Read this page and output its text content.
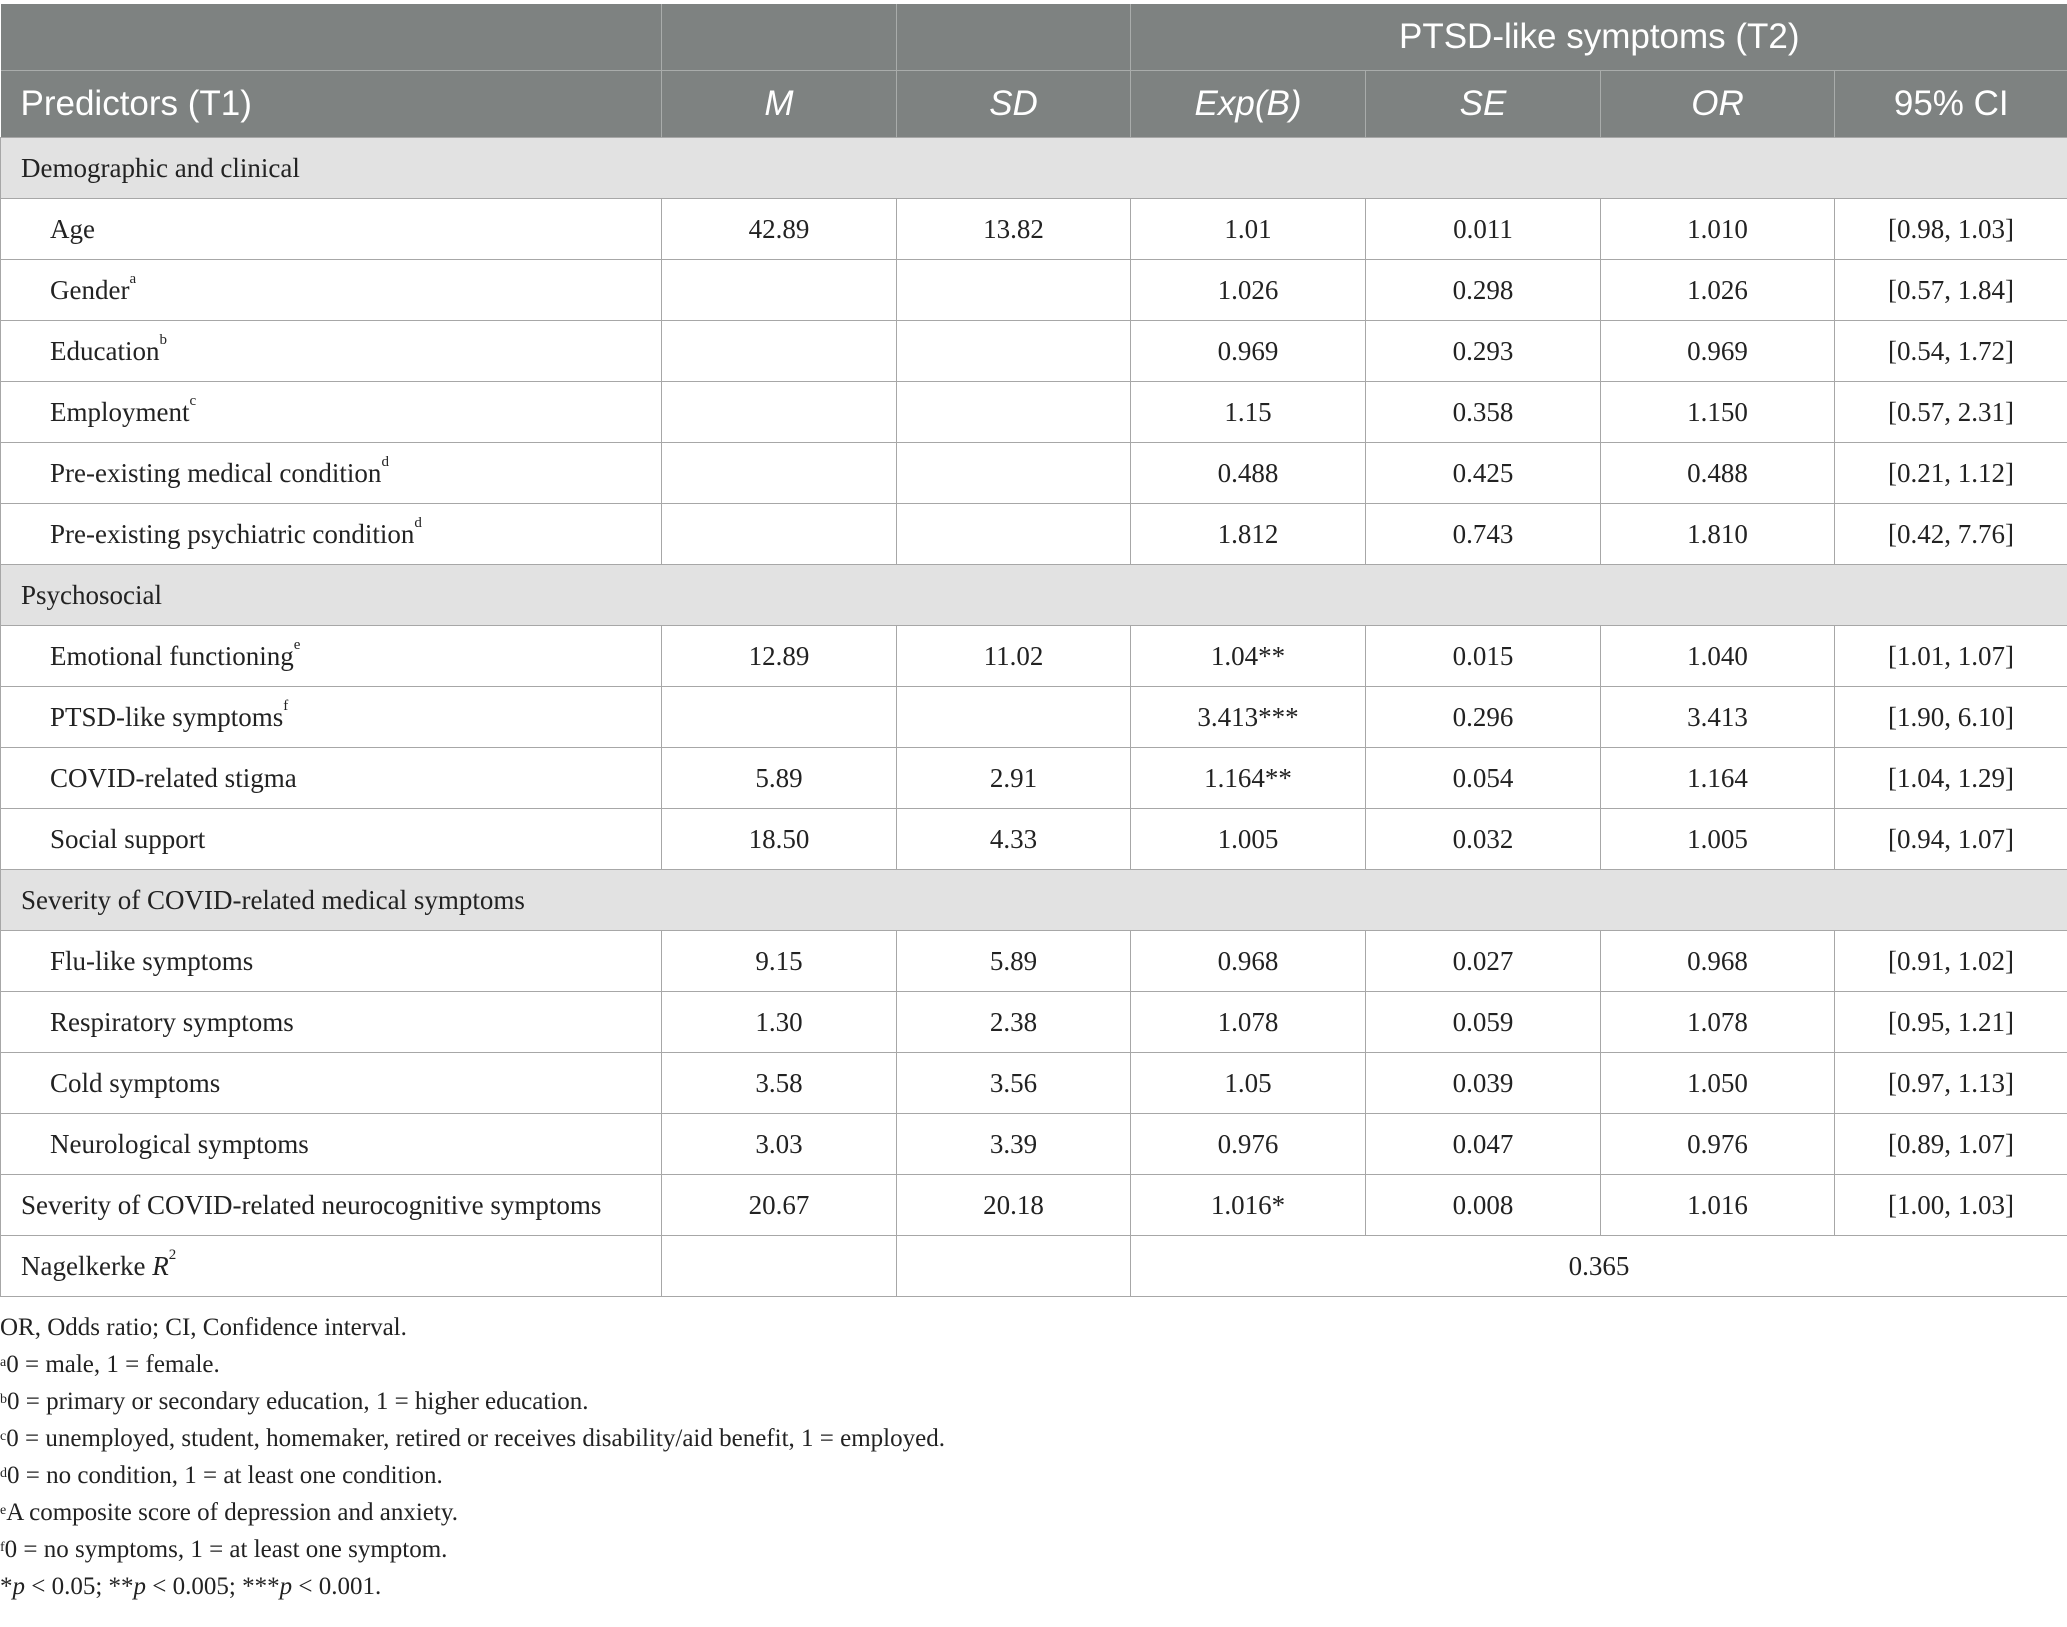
			PTSD-like symptoms (T2)			
Predictors (T1)	M	SD	Exp(B)	SE	OR	95% CI
Demographic and clinical						
Age	42.89	13.82	1.01	0.011	1.010	[0.98, 1.03]
Gender$^a$			1.026	0.298	1.026	[0.57, 1.84]
Education$^b$			0.969	0.293	0.969	[0.54, 1.72]
Employment$^c$			1.15	0.358	1.150	[0.57, 2.31]
Pre-existing medical condition$^d$			0.488	0.425	0.488	[0.21, 1.12]
Pre-existing psychiatric condition$^d$			1.812	0.743	1.810	[0.42, 7.76]
Psychosocial						
Emotional functioning$^e$	12.89	11.02	1.04**	0.015	1.040	[1.01, 1.07]
PTSD-like symptoms$^f$			3.413***	0.296	3.413	[1.90, 6.10]
COVID-related stigma	5.89	2.91	1.164**	0.054	1.164	[1.04, 1.29]
Social support	18.50	4.33	1.005	0.032	1.005	[0.94, 1.07]
Severity of COVID-related medical symptoms						
Flu-like symptoms	9.15	5.89	0.968	0.027	0.968	[0.91, 1.02]
Respiratory symptoms	1.30	2.38	1.078	0.059	1.078	[0.95, 1.21]
Cold symptoms	3.58	3.56	1.05	0.039	1.050	[0.97, 1.13]
Neurological symptoms	3.03	3.39	0.976	0.047	0.976	[0.89, 1.07]
Severity of COVID-related neurocognitive symptoms	20.67	20.18	1.016*	0.008	1.016	[1.00, 1.03]
Nagelkerke $R^2$			0.365			
OR, Odds ratio; CI, Confidence interval.
$^a$0 = male, 1 = female.
$^b$0 = primary or secondary education, 1 = higher education.
$^c$0 = unemployed, student, homemaker, retired or receives disability/aid benefit, 1 = employed.
$^d$0 = no condition, 1 = at least one condition.
$^e$A composite score of depression and anxiety.
$^f$0 = no symptoms, 1 = at least one symptom.
*p < 0.05; **p < 0.005; ***p < 0.001.
